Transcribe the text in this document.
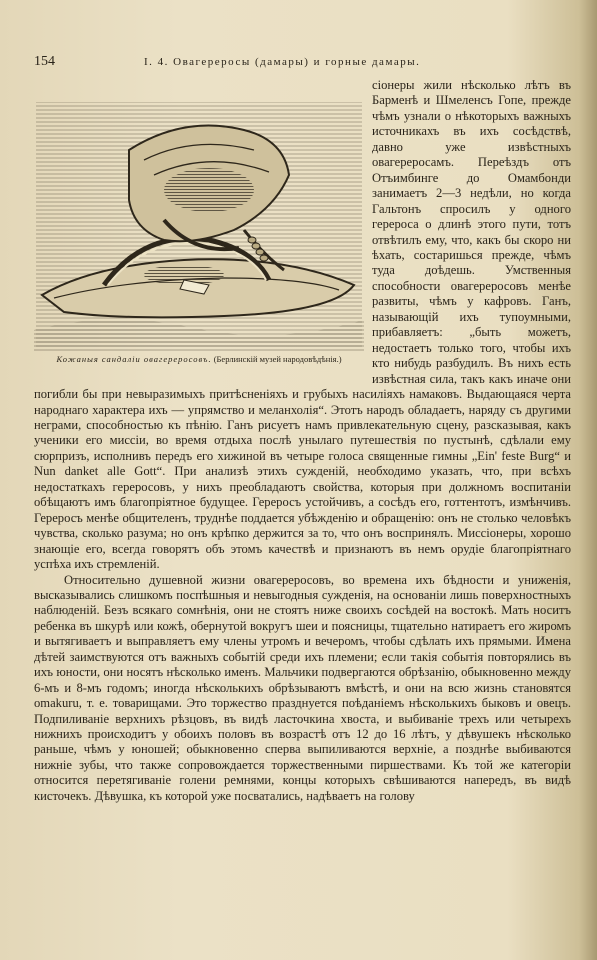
154	I. 4. Овагереросы (дамары) и горные дамары.
Кожаныя сандаліи овагереросовъ. (Берлинскій музей народовѣдѣнія.)

сіонеры жили нѣсколько лѣтъ въ Барменѣ и Шмеленсъ Гопе, прежде чѣмъ узнали о нѣкоторыхъ важныхъ источникахъ въ ихъ сосѣдствѣ, давно уже извѣстныхъ овагереросамъ. Переѣздъ отъ Отъимбинге до Омамбонди занимаетъ 2—3 недѣли, но когда Гальтонъ спросилъ у одного герероса о длинѣ этого пути, тотъ отвѣтилъ ему, что, какъ бы скоро ни ѣхать, состаришься прежде, чѣмъ туда доѣдешь. Умственныя способности овагереросовъ менѣе развиты, чѣмъ у кафровъ. Ганъ, называющій ихъ тупоумными, прибавляетъ: „быть можетъ, недостаетъ только того, чтобы ихъ кто нибудь разбудилъ. Въ нихъ есть извѣстная сила, такъ какъ иначе они погибли бы при невыразимыхъ притѣсненіяхъ и грубыхъ насиліяхъ намаковъ. Выдающаяся черта народнаго характера ихъ — упрямство и меланхолія“. Этотъ народъ обладаетъ, наряду съ другими неграми, способностью къ пѣнію. Ганъ рисуетъ намъ привлекательную сцену, разсказывая, какъ ученики его миссіи, во время отдыха послѣ унылаго путешествія по пустынѣ, сдѣлали ему сюрпризъ, исполнивъ передъ его хижиной въ четыре голоса священные гимны „Ein' feste Burg“ и Nun danket alle Gott“. При анализѣ этихъ сужденій, необходимо указать, что, при всѣхъ недостаткахъ гереросовъ, у нихъ преобладаютъ свойства, которыя при должномъ воспитаніи обѣщаютъ имъ благопріятное будущее. Гереросъ устойчивъ, а сосѣдъ его, готтентотъ, измѣнчивъ. Гереросъ менѣе общителенъ, труднѣе поддается убѣжденію и обращенію: онъ не столько человѣкъ чувства, сколько разума; но онъ крѣпко держится за то, что онъ воспринялъ. Миссіонеры, хорошо знающіе его, всегда говорятъ объ этомъ качествѣ и признаютъ въ немъ орудіе благопріятнаго успѣха ихъ стремленій.

Относительно душевной жизни овагереросовъ, во времена ихъ бѣдности и униженія, высказывались слишкомъ поспѣшныя и невыгодныя сужденія, на основаніи лишь поверхностныхъ наблюденій. Безъ всякаго сомнѣнія, они не стоятъ ниже своихъ сосѣдей на востокѣ. Мать носитъ ребенка въ шкурѣ или кожѣ, обернутой вокругъ шеи и поясницы, тщательно натираетъ его жиромъ и вытягиваетъ и выправляетъ ему члены утромъ и вечеромъ, чтобы сдѣлать ихъ прямыми. Имена дѣтей заимствуются отъ важныхъ событій среди ихъ племени; если такія событія повторялись въ ихъ юности, они носятъ нѣсколько именъ. Мальчики подвергаются обрѣзанію, обыкновенно между 6-мъ и 8-мъ годомъ; иногда нѣсколькихъ обрѣзываютъ вмѣстѣ, и они на всю жизнь становятся omakuru, т. е. товарищами. Это торжество празднуется поѣданіемъ нѣсколькихъ быковъ и овецъ. Подпиливаніе верхнихъ рѣзцовъ, въ видѣ ласточкина хвоста, и выбиваніе трехъ или четырехъ нижнихъ происходитъ у обоихъ половъ въ возрастѣ отъ 12 до 16 лѣтъ, у дѣвушекъ нѣсколько раньше, чѣмъ у юношей; обыкновенно сперва выпиливаются верхніе, а позднѣе выбиваются нижніе зубы, что также сопровождается торжественными пиршествами. Къ той же категоріи относится перетягиваніе голени ремнями, концы которыхъ свѣшиваются напередъ, въ видѣ кисточекъ. Дѣвушка, къ которой уже посватались, надѣваетъ на голову
